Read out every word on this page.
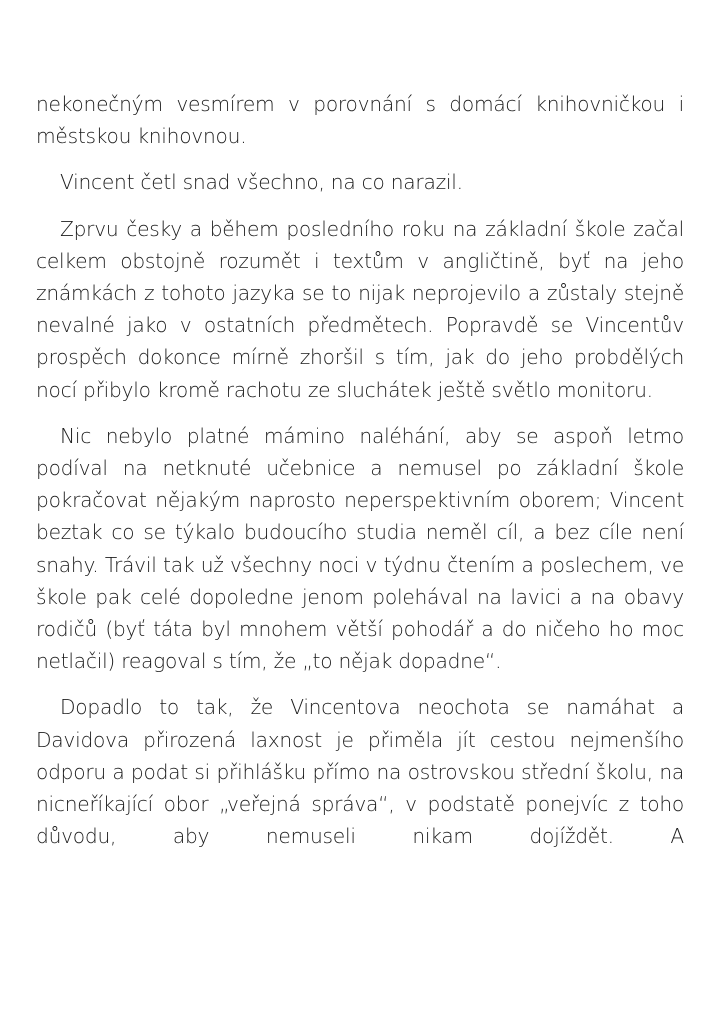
nekonečným vesmírem v porovnání s domácí knihovničkou i městskou knihovnou.

Vincent četl snad všechno, na co narazil.

Zprvu česky a během posledního roku na základní škole začal celkem obstojně rozumět i textům v angličtině, byť na jeho známkách z tohoto jazyka se to nijak neprojevilo a zůstaly stejně nevalné jako v ostatních předmětech. Popravdě se Vincentův prospěch dokonce mírně zhoršil s tím, jak do jeho probdělých nocí přibylo kromě rachotu ze sluchátek ještě světlo monitoru.

Nic nebylo platné mámino naléhání, aby se aspoň letmo podíval na netknuté učebnice a nemusel po základní škole pokračovat nějakým naprosto neperspektivním oborem; Vincent beztak co se týkalo budoucího studia neměl cíl, a bez cíle není snahy. Trávil tak už všechny noci v týdnu čtením a poslechem, ve škole pak celé dopoledne jenom polehával na lavici a na obavy rodičů (byť táta byl mnohem větší pohodář a do ničeho ho moc netlačil) reagoval s tím, že „to nějak dopadne“.

Dopadlo to tak, že Vincentova neochota se namáhat a Davidova přirozená laxnost je přiměla jít cestou nejmenšího odporu a podat si přihlášku přímo na ostrovskou střední školu, na nicneříkající obor „veřejná správa“, v podstatě ponejvíc z toho důvodu, aby nemuseli nikam dojíždět. A
